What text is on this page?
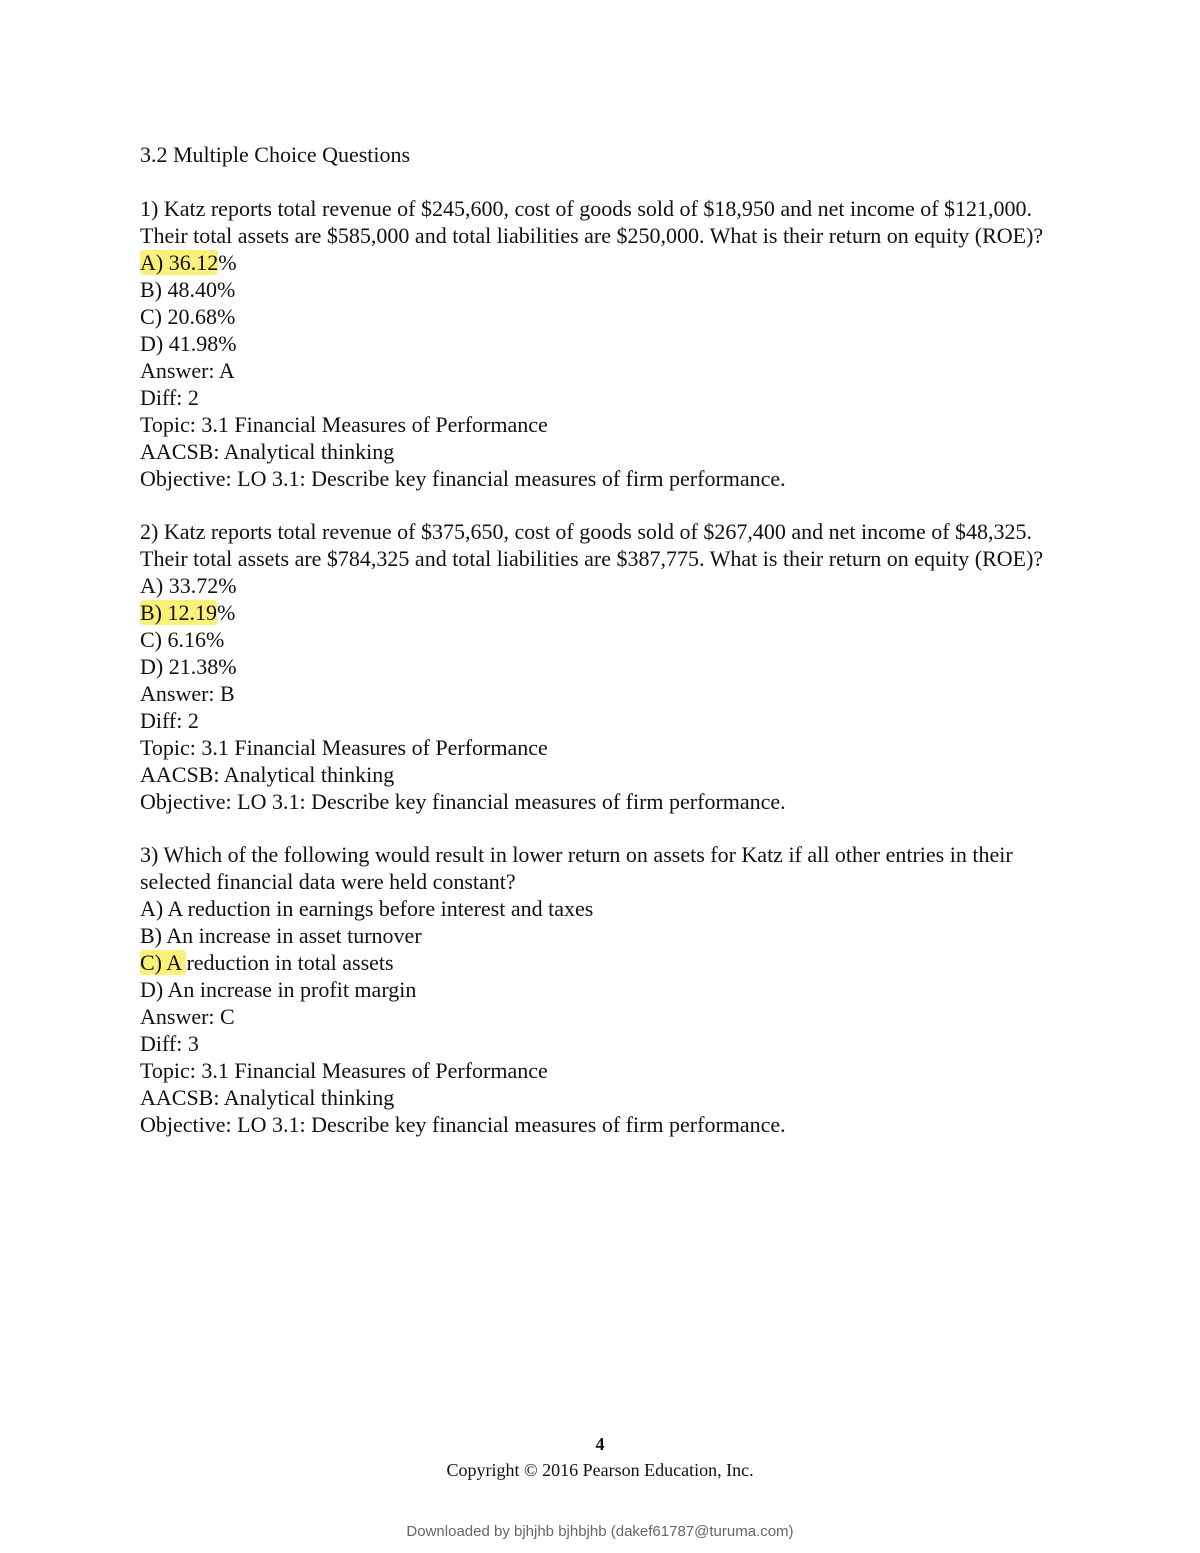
3.2 Multiple Choice Questions

1) Katz reports total revenue of $245,600, cost of goods sold of $18,950 and net income of $121,000. Their total assets are $585,000 and total liabilities are $250,000. What is their return on equity (ROE)?

A) 36.12%
B) 48.40%
C) 20.68%
D) 41.98%
Answer: A
Diff: 2
Topic: 3.1 Financial Measures of Performance
AACSB: Analytical thinking
Objective: LO 3.1: Describe key financial measures of firm performance.

2) Katz reports total revenue of $375,650, cost of goods sold of $267,400 and net income of $48,325. Their total assets are $784,325 and total liabilities are $387,775. What is their return on equity (ROE)?

A) 33.72%
B) 12.19%
C) 6.16%
D) 21.38%
Answer: B
Diff: 2
Topic: 3.1 Financial Measures of Performance
AACSB: Analytical thinking
Objective: LO 3.1: Describe key financial measures of firm performance.

3) Which of the following would result in lower return on assets for Katz if all other entries in their selected financial data were held constant?

A) A reduction in earnings before interest and taxes
B) An increase in asset turnover
C) A reduction in total assets
D) An increase in profit margin
Answer: C
Diff: 3
Topic: 3.1 Financial Measures of Performance
AACSB: Analytical thinking
Objective: LO 3.1: Describe key financial measures of firm performance.
4
Copyright © 2016 Pearson Education, Inc.
Downloaded by bjhjhb bjhbjhb (dakef61787@turuma.com)
